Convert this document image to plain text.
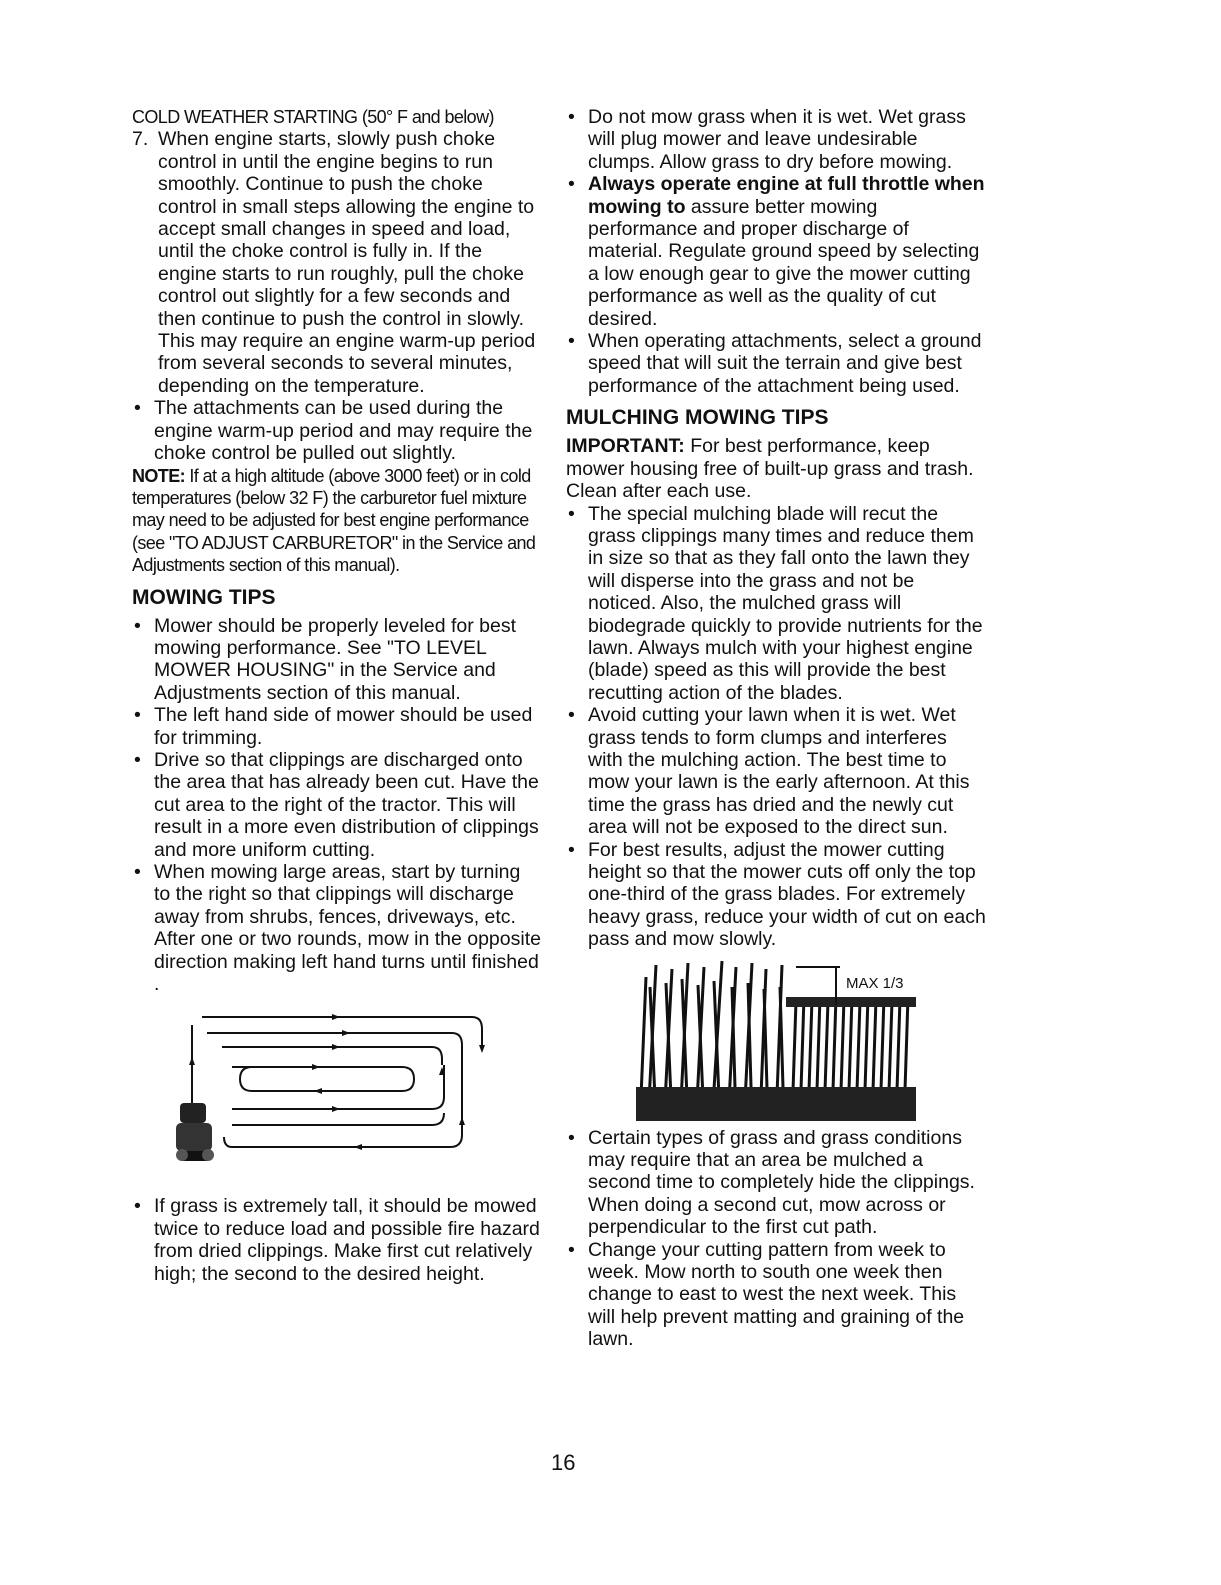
COLD WEATHER STARTING (50° F and below)

7. When engine starts, slowly push choke control in until the engine begins to run smoothly. Continue to push the choke control in small steps allowing the engine to accept small changes in speed and load, until the choke control is fully in. If the engine starts to run roughly, pull the choke control out slightly for a few seconds and then continue to push the control in slowly. This may require an engine warm-up period from several seconds to several minutes, depending on the temperature.
• The attachments can be used during the engine warm-up period and may require the choke control be pulled out slightly.

NOTE: If at a high altitude (above 3000 feet) or in cold temperatures (below 32 F) the carburetor fuel mixture may need to be adjusted for best engine performance (see "TO ADJUST CARBURETOR" in the Service and Adjustments section of this manual).

MOWING TIPS
• Mower should be properly leveled for best mowing performance. See "TO LEVEL MOWER HOUSING" in the Service and Adjustments section of this manual.
• The left hand side of mower should be used for trimming.
• Drive so that clippings are discharged onto the area that has already been cut. Have the cut area to the right of the tractor. This will result in a more even distribution of clippings and more uniform cutting.
• When mowing large areas, start by turning to the right so that clippings will discharge away from shrubs, fences, driveways, etc. After one or two rounds, mow in the opposite direction making left hand turns until finished .
• If grass is extremely tall, it should be mowed twice to reduce load and possible fire hazard from dried clippings. Make first cut relatively high; the second to the desired height.
• Do not mow grass when it is wet. Wet grass will plug mower and leave undesirable clumps. Allow grass to dry before mowing.
• Always operate engine at full throttle when mowing to assure better mowing performance and proper discharge of material. Regulate ground speed by selecting a low enough gear to give the mower cutting performance as well as the quality of cut desired.
• When operating attachments, select a ground speed that will suit the terrain and give best performance of the attachment being used.
MULCHING MOWING TIPS

IMPORTANT: For best performance, keep mower housing free of built-up grass and trash. Clean after each use.

• The special mulching blade will recut the grass clippings many times and reduce them in size so that as they fall onto the lawn they will disperse into the grass and not be noticed. Also, the mulched grass will biodegrade quickly to provide nutrients for the lawn. Always mulch with your highest engine (blade) speed as this will provide the best recutting action of the blades.
• Avoid cutting your lawn when it is wet. Wet grass tends to form clumps and interferes with the mulching action. The best time to mow your lawn is the early afternoon. At this time the grass has dried and the newly cut area will not be exposed to the direct sun.
• For best results, adjust the mower cutting height so that the mower cuts off only the top one-third of the grass blades. For extremely heavy grass, reduce your width of cut on each pass and mow slowly.
MAX 1/3
• Certain types of grass and grass conditions may require that an area be mulched a second time to completely hide the clippings. When doing a second cut, mow across or perpendicular to the first cut path.
• Change your cutting pattern from week to week. Mow north to south one week then change to east to west the next week. This will help prevent matting and graining of the lawn.
16
